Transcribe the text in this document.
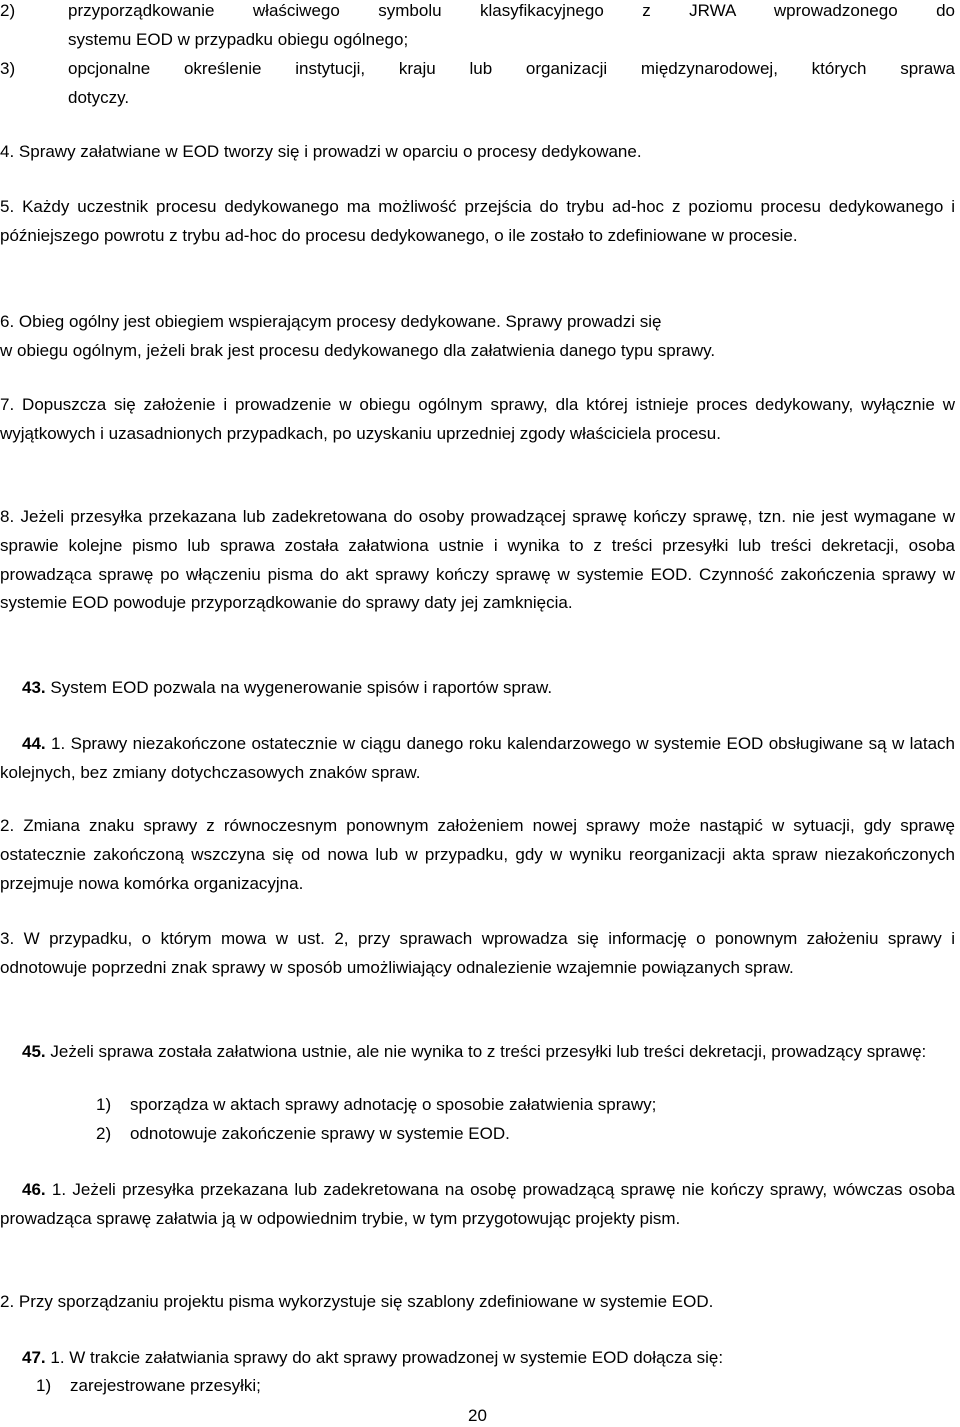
przyporządkowanie właściwego symbolu klasyfikacyjnego z JRWA wprowadzonego do
2)
systemu EOD w przypadku obiegu ogólnego;
3)	opcjonalne określenie instytucji, kraju lub organizacji międzynarodowej, których sprawa
dotyczy.
4. Sprawy załatwiane w EOD tworzy się i prowadzi w oparciu o procesy dedykowane.
5. Każdy uczestnik procesu dedykowanego ma możliwość przejścia do trybu ad-hoc z poziomu procesu dedykowanego i późniejszego powrotu z trybu ad-hoc do procesu dedykowanego, o ile zostało to zdefiniowane w procesie.
6. Obieg ogólny jest obiegiem wspierającym procesy dedykowane. Sprawy prowadzi się
w obiegu ogólnym, jeżeli brak jest procesu dedykowanego dla załatwienia danego typu sprawy.
7. Dopuszcza się założenie i prowadzenie w obiegu ogólnym sprawy, dla której istnieje proces dedykowany, wyłącznie w wyjątkowych i uzasadnionych przypadkach, po uzyskaniu uprzedniej zgody właściciela procesu.
8. Jeżeli przesyłka przekazana lub zadekretowana do osoby prowadzącej sprawę kończy sprawę, tzn. nie jest wymagane w sprawie kolejne pismo lub sprawa została załatwiona ustnie i wynika to z treści przesyłki lub treści dekretacji, osoba prowadząca sprawę po włączeniu pisma do akt sprawy kończy sprawę w systemie EOD. Czynność zakończenia sprawy w systemie EOD powoduje przyporządkowanie do sprawy daty jej zamknięcia.
43. System EOD pozwala na wygenerowanie spisów i raportów spraw.
44. 1. Sprawy niezakończone ostatecznie w ciągu danego roku kalendarzowego w systemie EOD obsługiwane są w latach kolejnych, bez zmiany dotychczasowych znaków spraw.
2. Zmiana znaku sprawy z równoczesnym ponownym założeniem nowej sprawy może nastąpić w sytuacji, gdy sprawę ostatecznie zakończoną wszczyna się od nowa lub w przypadku, gdy w wyniku reorganizacji akta spraw niezakończonych przejmuje nowa komórka organizacyjna.
3. W przypadku, o którym mowa w ust. 2, przy sprawach wprowadza się informację o ponownym założeniu sprawy i odnotowuje poprzedni znak sprawy w sposób umożliwiający odnalezienie wzajemnie powiązanych spraw.
45. Jeżeli sprawa została załatwiona ustnie, ale nie wynika to z treści przesyłki lub treści dekretacji, prowadzący sprawę:
1) sporządza w aktach sprawy adnotację o sposobie załatwienia sprawy;
2) odnotowuje zakończenie sprawy w systemie EOD.
46. 1. Jeżeli przesyłka przekazana lub zadekretowana na osobę prowadzącą sprawę nie kończy sprawy, wówczas osoba prowadząca sprawę załatwia ją w odpowiednim trybie, w tym przygotowując projekty pism.
2. Przy sporządzaniu projektu pisma wykorzystuje się szablony zdefiniowane w systemie EOD.
47. 1. W trakcie załatwiania sprawy do akt sprawy prowadzonej w systemie EOD dołącza się:
1) zarejestrowane przesyłki;
20
